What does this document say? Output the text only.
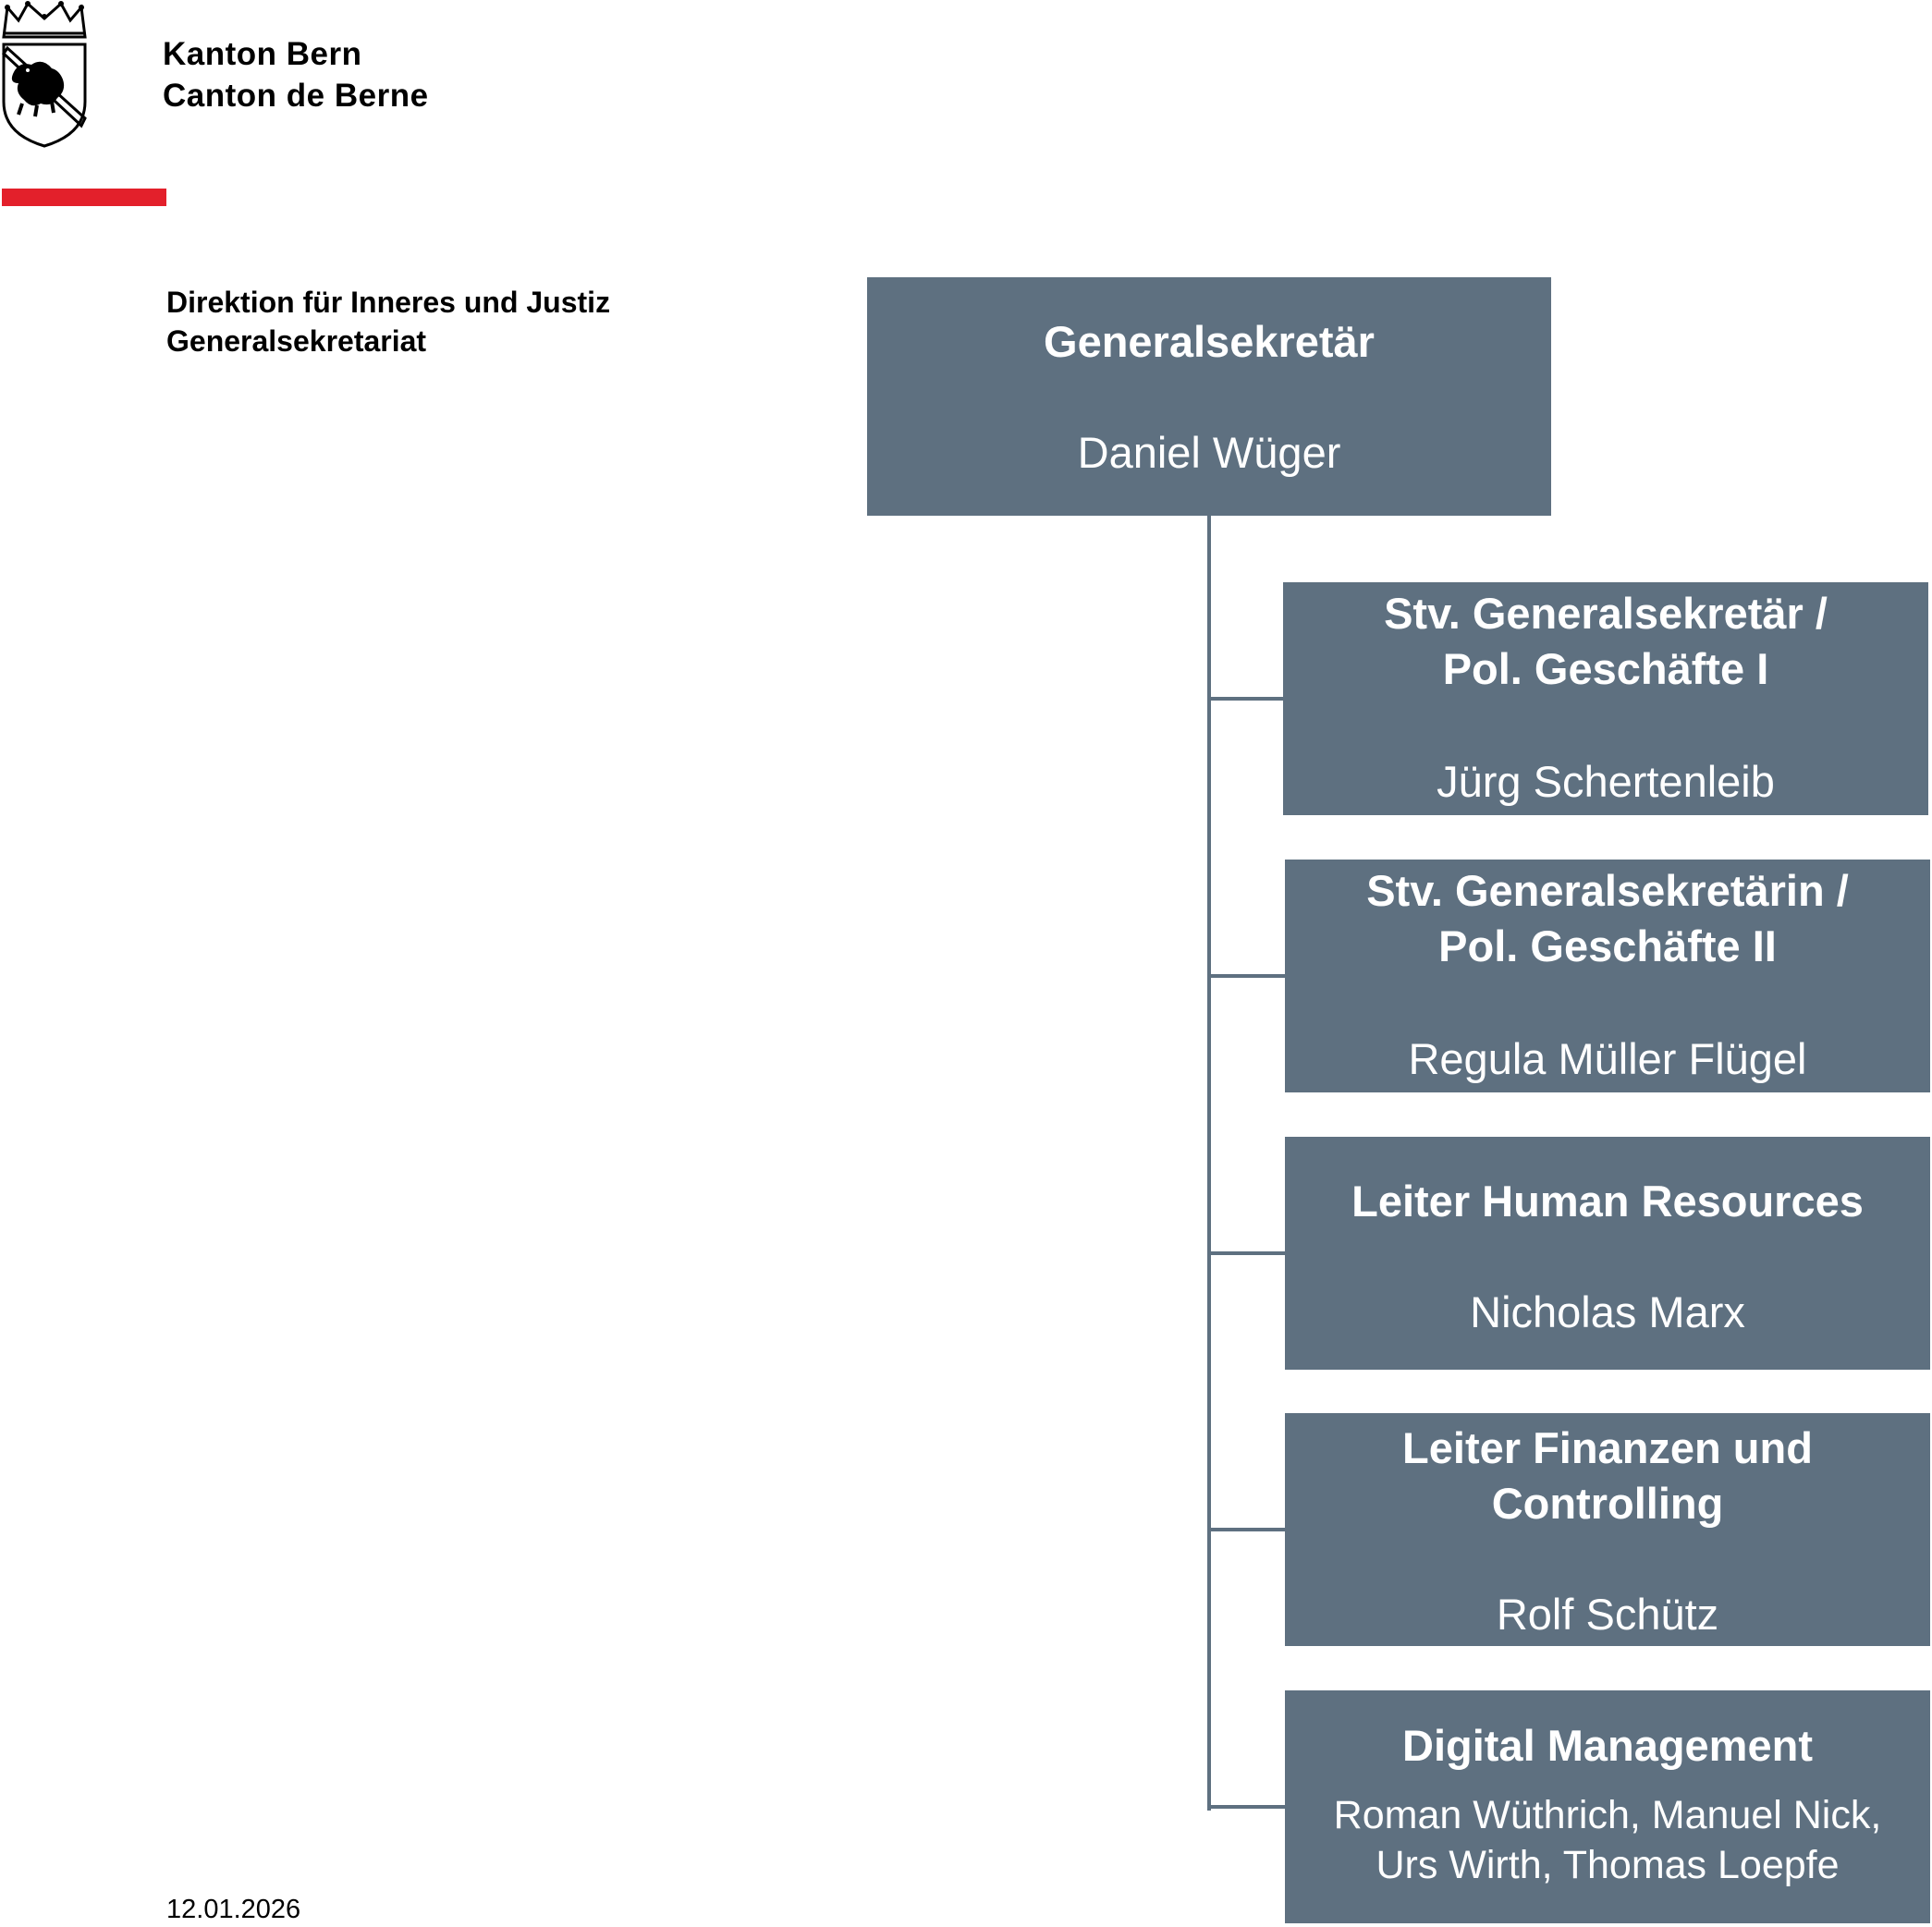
Kanton Bern
Canton de Berne
Direktion für Inneres und Justiz
Generalsekretariat	Generalsekretär
Daniel Wüger
Stv. Generalsekretär /
Pol. Geschäfte I
Jürg Schertenleib
Stv. Generalsekretärin /
Pol. Geschäfte II
Regula Müller Flügel
Leiter Human Resources
Nicholas Marx
Leiter Finanzen und
Controlling
Rolf Schütz
Digital Management
Roman Wüthrich, Manuel Nick,
Urs Wirth, Thomas Loepfe
12.01.2026
